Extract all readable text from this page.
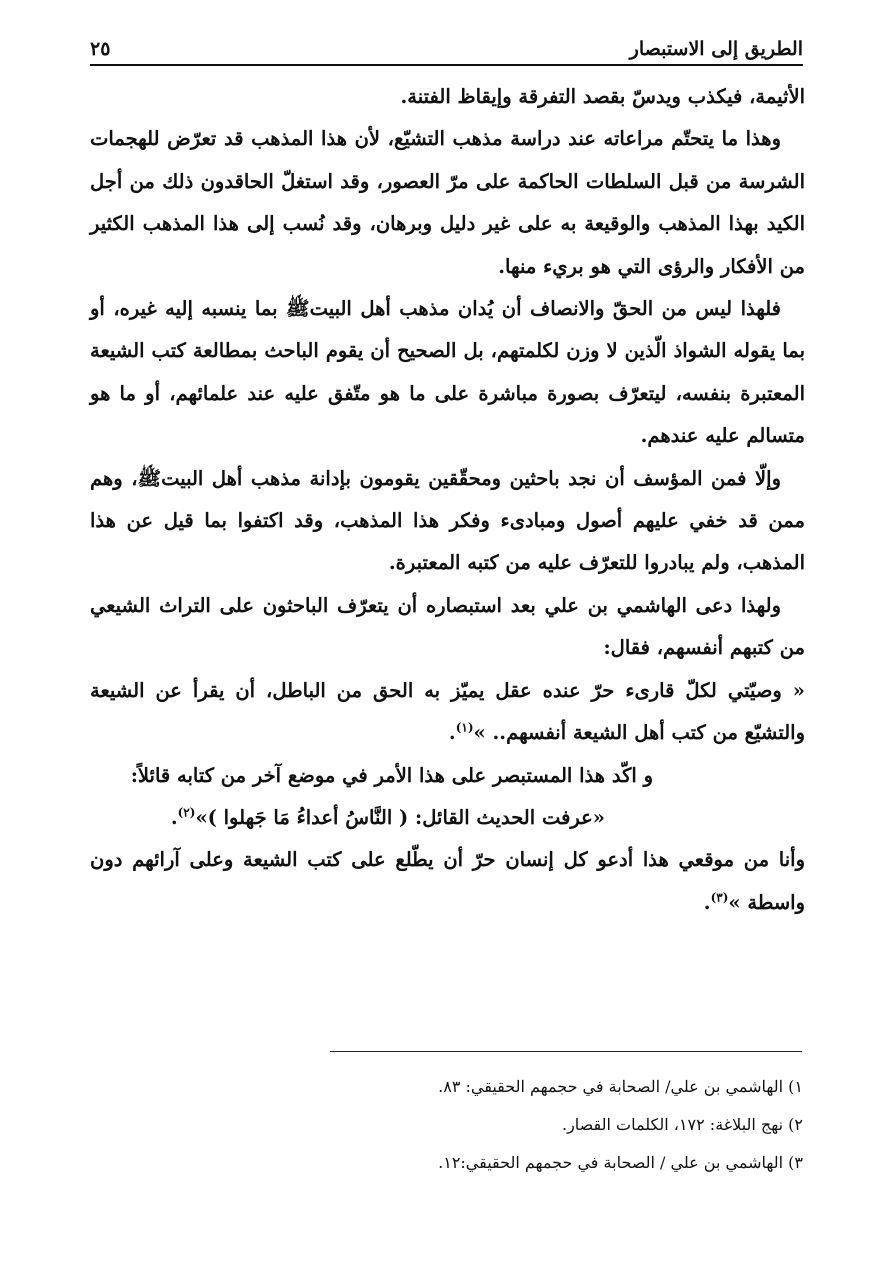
الطريق إلى الاستبصار
٢٥

الأثيمة، فيكذب ويدسّ بقصد التفرقة وإيقاظ الفتنة.

وهذا ما يتحتّم مراعاته عند دراسة مذهب التشيّع، لأن هذا المذهب قد تعرّض للهجمات الشرسة من قبل السلطات الحاكمة على مرّ العصور، وقد استغلّ الحاقدون ذلك من أجل الكيد بهذا المذهب والوقيعة به على غير دليل وبرهان، وقد نُسب إلى هذا المذهب الكثير من الأفكار والرؤى التي هو بريء منها.

فلهذا ليس من الحقّ والانصاف أن يُدان مذهب أهل البيتﷺ بما ينسبه إليه غيره، أو بما يقوله الشواذ الّذين لا وزن لكلمتهم، بل الصحيح أن يقوم الباحث بمطالعة كتب الشيعة المعتبرة بنفسه، ليتعرّف بصورة مباشرة على ما هو متّفق عليه عند علمائهم، أو ما هو متسالم عليه عندهم.

وإلّا فمن المؤسف أن نجد باحثين ومحقّقين يقومون بإدانة مذهب أهل البيتﷺ، وهم ممن قد خفي عليهم أصول ومبادىء وفكر هذا المذهب، وقد اكتفوا بما قيل عن هذا المذهب، ولم يبادروا للتعرّف عليه من كتبه المعتبرة.

ولهذا دعى الهاشمي بن علي بعد استبصاره أن يتعرّف الباحثون على التراث الشيعي من كتبهم أنفسهم، فقال:

« وصيّتي لكلّ قارىء حرّ عنده عقل يميّز به الحق من الباطل، أن يقرأ عن الشيعة والتشيّع من كتب أهل الشيعة أنفسهم.. »$^{(١)}$.

و اكّد هذا المستبصر على هذا الأمر في موضع آخر من كتابه قائلاً:

«عرفت الحديث القائل: ( النَّاسُ أعداءُ مَا جَهلوا )»$^{(٢)}$.

وأنا من موقعي هذا أدعو كل إنسان حرّ أن يطّلع على كتب الشيعة وعلى آرائهم دون واسطة »$^{(٣)}$.

١) الهاشمي بن علي/ الصحابة في حجمهم الحقيقي: ٨٣.
٢) نهج البلاغة: ١٧٢، الكلمات القصار.
٣) الهاشمي بن علي / الصحابة في حجمهم الحقيقي:١٢.
